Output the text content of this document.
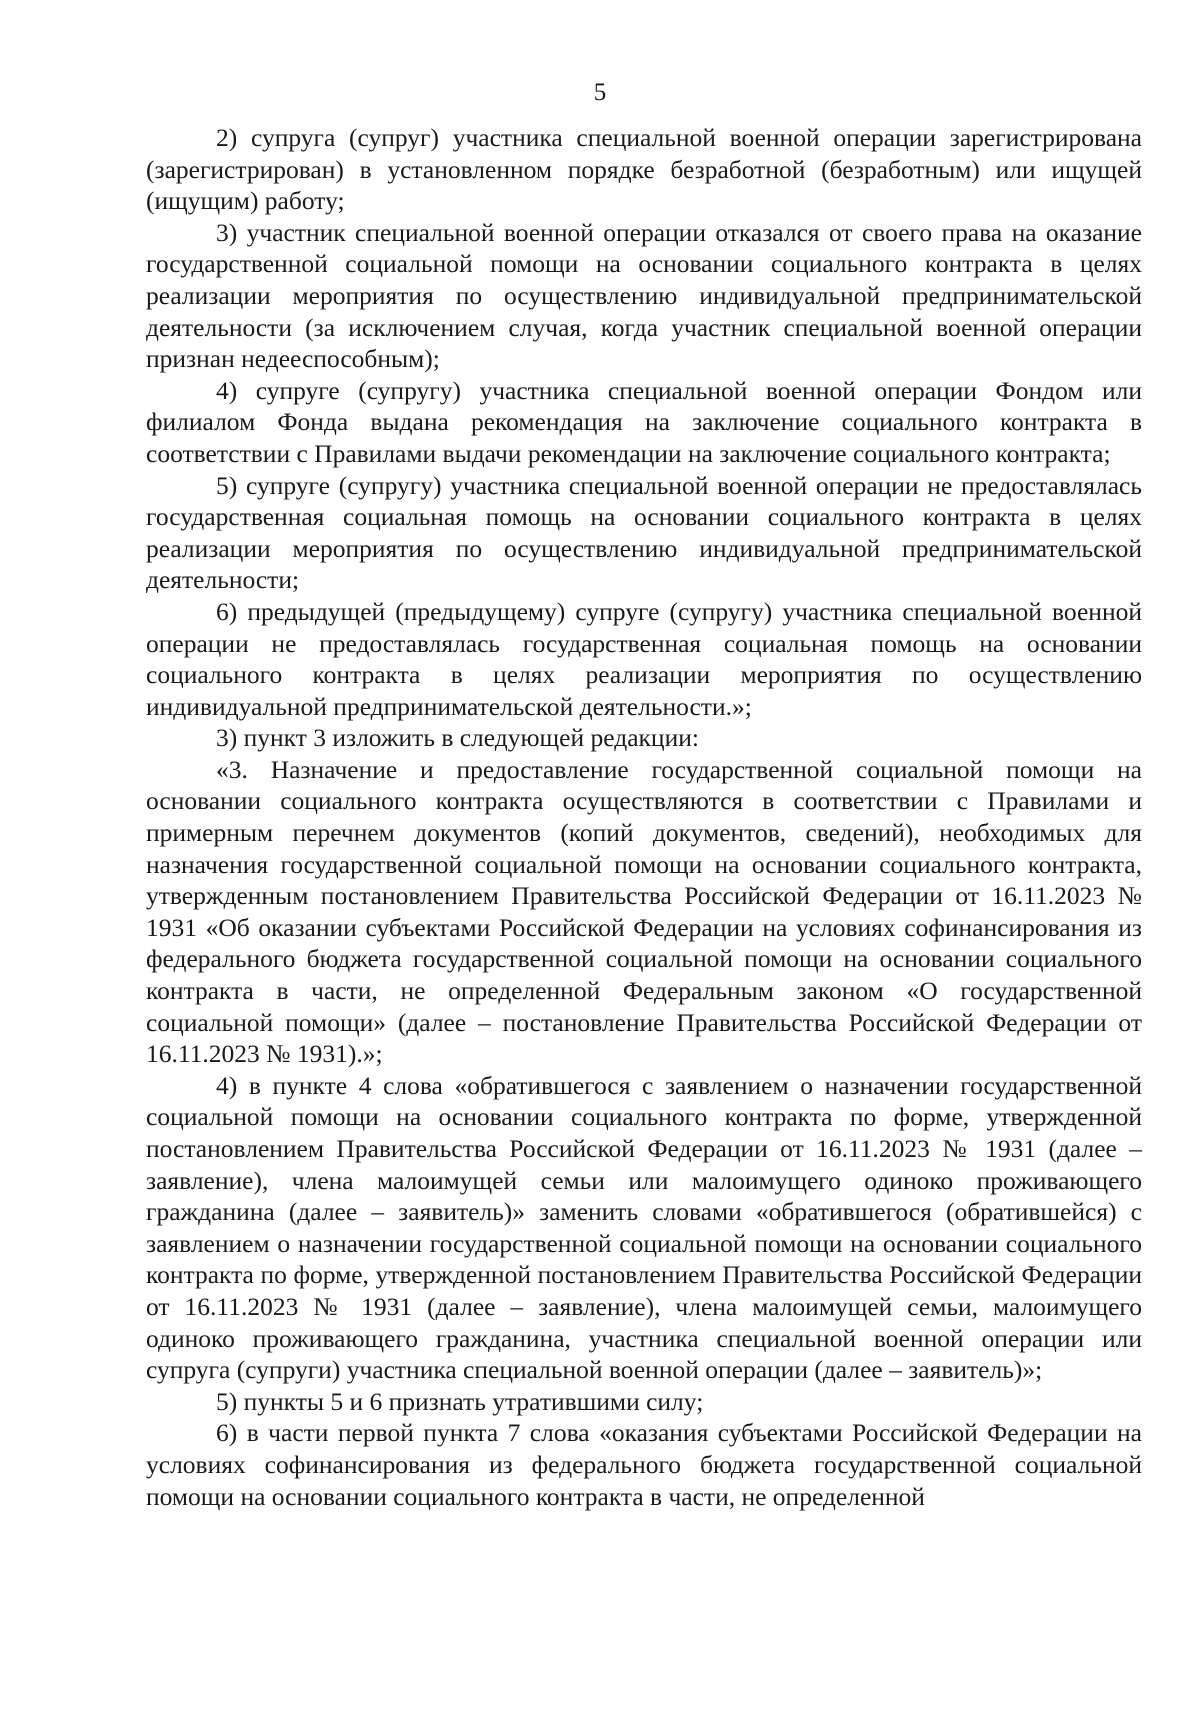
5

2) супруга (супруг) участника специальной военной операции зарегистрирована (зарегистрирован) в установленном порядке безработной (безработным) или ищущей (ищущим) работу;

3) участник специальной военной операции отказался от своего права на оказание государственной социальной помощи на основании социального контракта в целях реализации мероприятия по осуществлению индивидуальной предпринимательской деятельности (за исключением случая, когда участник специальной военной операции признан недееспособным);

4) супруге (супругу) участника специальной военной операции Фондом или филиалом Фонда выдана рекомендация на заключение социального контракта в соответствии с Правилами выдачи рекомендации на заключение социального контракта;

5) супруге (супругу) участника специальной военной операции не предоставлялась государственная социальная помощь на основании социального контракта в целях реализации мероприятия по осуществлению индивидуальной предпринимательской деятельности;

6) предыдущей (предыдущему) супруге (супругу) участника специальной военной операции не предоставлялась государственная социальная помощь на основании социального контракта в целях реализации мероприятия по осуществлению индивидуальной предпринимательской деятельности.»;

3) пункт 3 изложить в следующей редакции:

«3. Назначение и предоставление государственной социальной помощи на основании социального контракта осуществляются в соответствии с Правилами и примерным перечнем документов (копий документов, сведений), необходимых для назначения государственной социальной помощи на основании социального контракта, утвержденным постановлением Правительства Российской Федерации от 16.11.2023 № 1931 «Об оказании субъектами Российской Федерации на условиях софинансирования из федерального бюджета государственной социальной помощи на основании социального контракта в части, не определенной Федеральным законом «О государственной социальной помощи» (далее – постановление Правительства Российской Федерации от 16.11.2023 № 1931).»;

4) в пункте 4 слова «обратившегося с заявлением о назначении государственной социальной помощи на основании социального контракта по форме, утвержденной постановлением Правительства Российской Федерации от 16.11.2023 № 1931 (далее – заявление), члена малоимущей семьи или малоимущего одиноко проживающего гражданина (далее – заявитель)» заменить словами «обратившегося (обратившейся) с заявлением о назначении государственной социальной помощи на основании социального контракта по форме, утвержденной постановлением Правительства Российской Федерации от 16.11.2023 № 1931 (далее – заявление), члена малоимущей семьи, малоимущего одиноко проживающего гражданина, участника специальной военной операции или супруга (супруги) участника специальной военной операции (далее – заявитель)»;

5) пункты 5 и 6 признать утратившими силу;

6) в части первой пункта 7 слова «оказания субъектами Российской Федерации на условиях софинансирования из федерального бюджета государственной социальной помощи на основании социального контракта в части, не определенной
